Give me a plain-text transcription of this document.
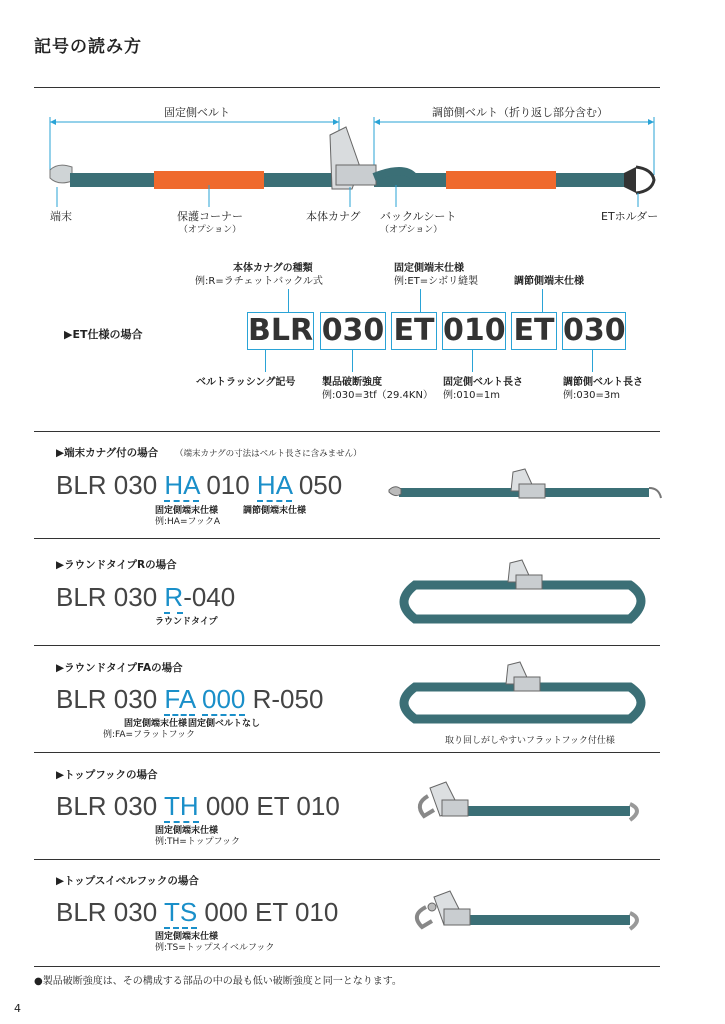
記号の読み方
固定側ベルト	調節側ベルト（折り返し部分含む）
端末	保護コーナー
（オプション）
本体カナグ バックルシート
（オプション）
ETホルダー
本体カナグの種類
例:R=ラチェットバックル式
固定側端末仕様
例:ET=シボリ縫製	調節側端末仕様
▶ET仕様の場合	BLR 030 ET 010 ET 030
ベルトラッシング記号	製品破断強度
例:030=3tf（29.4KN）
固定側ベルト長さ
例:010=1m
調節側ベルト長さ
例:030=3m
▶端末カナグ付の場合 （端末カナグの寸法はベルト長さに含みません）
BLR 030 HA 010 HA 050
固定側端末仕様
例:HA=フックA
調節側端末仕様
▶ラウンドタイプRの場合
BLR 030 R-040
ラウンドタイプ
▶ラウンドタイプFAの場合
BLR 030 FA 000 R-050
固定側端末仕様
例:FA=フラットフック
固定側ベルトなし
取り回しがしやすいフラットフック付仕様
▶トップフックの場合
BLR 030 TH 000 ET 010
固定側端末仕様
例:TH=トップフック
▶トップスイベルフックの場合
BLR 030 TS 000 ET 010
固定側端末仕様
例:TS=トップスイベルフック
●製品破断強度は、その構成する部品の中の最も低い破断強度と同一となります。
4
